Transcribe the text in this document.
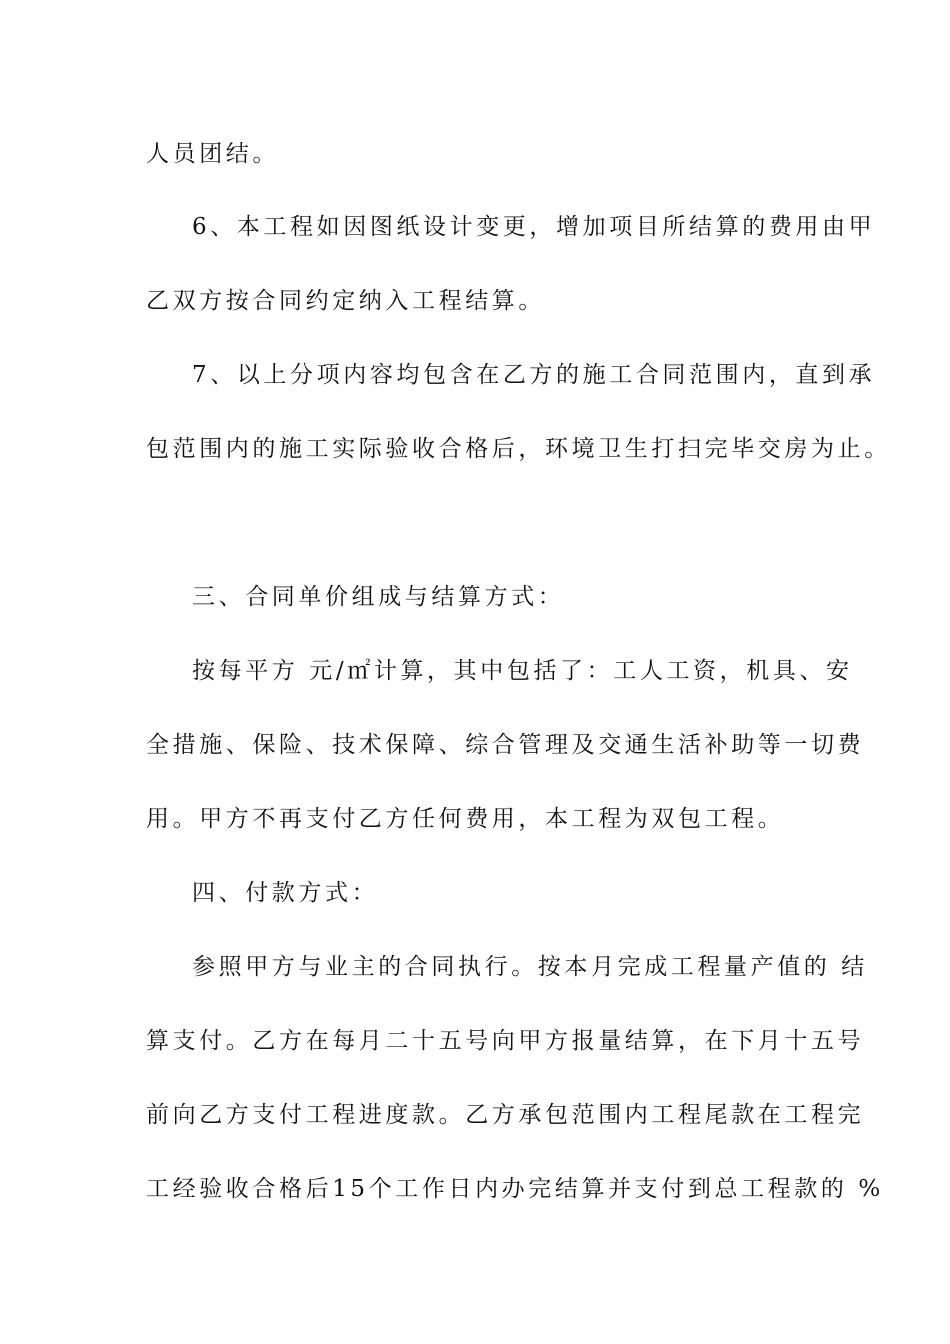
人员团结。
6、本工程如因图纸设计变更，增加项目所结算的费用由甲
乙双方按合同约定纳入工程结算。
7、以上分项内容均包含在乙方的施工合同范围内，直到承
包范围内的施工实际验收合格后，环境卫生打扫完毕交房为止。
三、合同单价组成与结算方式：
按每平方 元/㎡计算，其中包括了：工人工资，机具、安
全措施、保险、技术保障、综合管理及交通生活补助等一切费
用。甲方不再支付乙方任何费用，本工程为双包工程。
四、付款方式：
参照甲方与业主的合同执行。按本月完成工程量产值的 结
算支付。乙方在每月二十五号向甲方报量结算，在下月十五号
前向乙方支付工程进度款。乙方承包范围内工程尾款在工程完
工经验收合格后15个工作日内办完结算并支付到总工程款的 %
